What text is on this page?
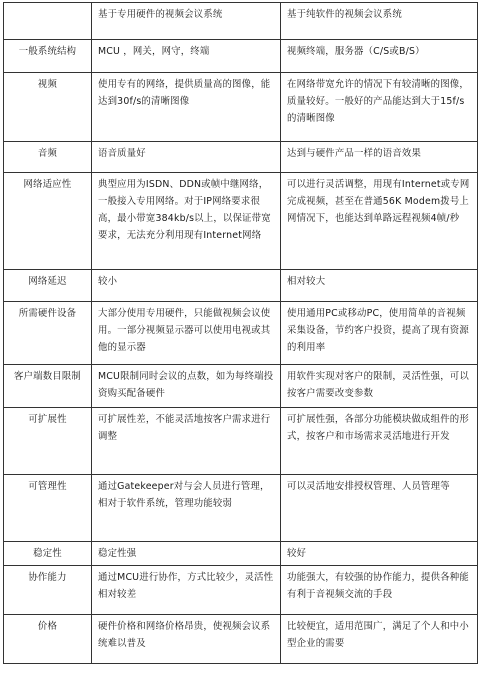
	基于专用硬件的视频会议系统	基于纯软件的视频会议系统
一般系统结构	MCU ，网关，网守，终端	视频终端，服务器（C/S或B/S）
视频	使用专有的网络，提供质量高的图像，能达到30f/s的清晰图像	在网络带宽允许的情况下有较清晰的图像，质量较好。一般好的产品能达到大于15f/s的清晰图像
音频	语音质量好	达到与硬件产品一样的语音效果
网络适应性	典型应用为ISDN、DDN或帧中继网络，一般接入专用网络。对于IP网络要求很高，最小带宽384kb/s以上，以保证带宽要求，无法充分利用现有Internet网络	可以进行灵活调整，用现有Internet或专网完成视频，甚至在普通56K Modem拨号上网情况下，也能达到单路远程视频4帧/秒
网络延迟	较小	相对较大
所需硬件设备	大部分使用专用硬件，只能做视频会议使用。一部分视频显示器可以使用电视或其他的显示器	使用通用PC或移动PC，使用简单的音视频采集设备，节约客户投资，提高了现有资源的利用率
客户端数目限制	MCU限制同时会议的点数，如为每终端投资购买配备硬件	用软件实现对客户的限制，灵活性强，可以按客户需要改变参数
可扩展性	可扩展性差，不能灵活地按客户需求进行调整	可扩展性强，各部分功能模块做成组件的形式，按客户和市场需求灵活地进行开发
可管理性	通过Gatekeeper对与会人员进行管理，相对于软件系统，管理功能较弱	可以灵活地安排授权管理、人员管理等
稳定性	稳定性强	较好
协作能力	通过MCU进行协作，方式比较少，灵活性相对较差	功能强大，有较强的协作能力，提供各种能有利于音视频交流的手段
价格	硬件价格和网络价格昂贵，使视频会议系统难以普及	比较便宜，适用范围广，满足了个人和中小型企业的需要
